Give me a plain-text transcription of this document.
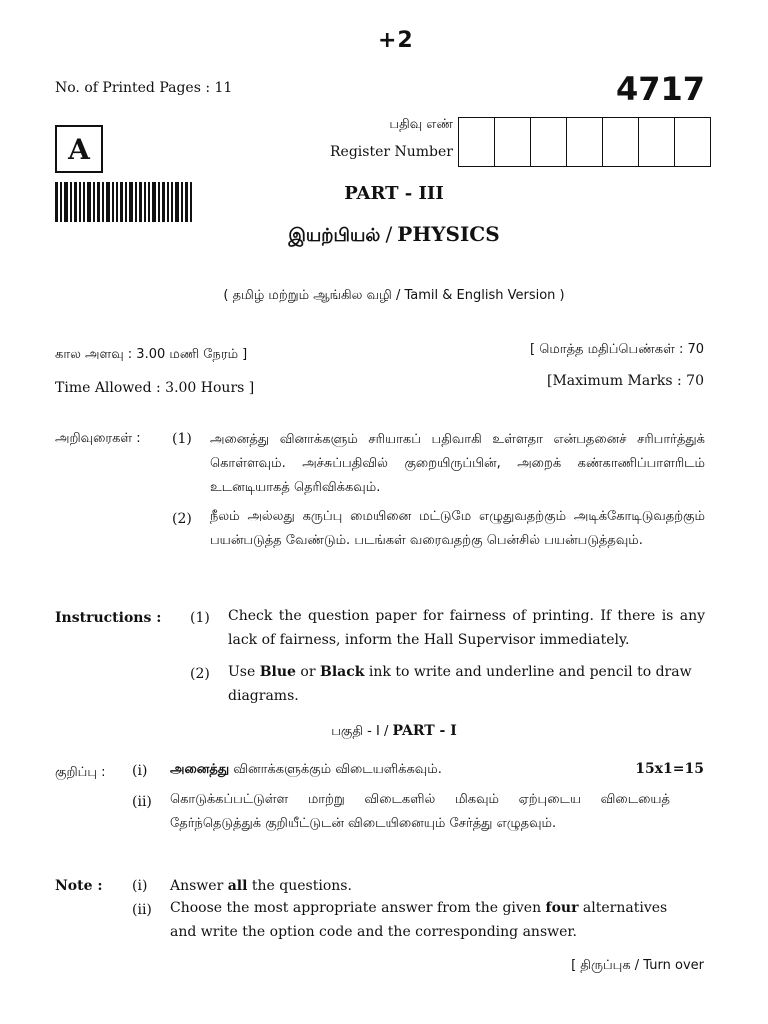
+2
No. of Printed Pages : 11	4717
A
பதிவு எண்
Register Number
PART - III
இயற்பியல் / PHYSICS
( தமிழ் மற்றும் ஆங்கில வழி / Tamil & English Version )
கால அளவு : 3.00 மணி நேரம் ]
Time Allowed : 3.00 Hours ]
[ மொத்த மதிப்பெண்கள் : 70
[Maximum Marks : 70
அறிவுரைகள் : (1) அனைத்து வினாக்களும் சரியாகப் பதிவாகி உள்ளதா என்பதனைச் சரிபார்த்துக் கொள்ளவும். அச்சுப்பதிவில் குறையிருப்பின், அறைக் கண்காணிப்பாளரிடம் உடனடியாகத் தெரிவிக்கவும்.
(2) நீலம் அல்லது கருப்பு மையினை மட்டுமே எழுதுவதற்கும் அடிக்கோடிடுவதற்கும் பயன்படுத்த வேண்டும். படங்கள் வரைவதற்கு பென்சில் பயன்படுத்தவும்.
Instructions : (1) Check the question paper for fairness of printing. If there is any lack of fairness, inform the Hall Supervisor immediately.
(2) Use Blue or Black ink to write and underline and pencil to draw diagrams.
பகுதி - I / PART - I
குறிப்பு : (i) அனைத்து வினாக்களுக்கும் விடையளிக்கவும்.	15x1=15
(ii) கொடுக்கப்பட்டுள்ள மாற்று விடைகளில் மிகவும் ஏற்புடைய விடையைத் தேர்ந்தெடுத்துக் குறியீட்டுடன் விடையினையும் சேர்த்து எழுதவும்.
Note : (i) Answer all the questions.
(ii) Choose the most appropriate answer from the given four alternatives and write the option code and the corresponding answer.
[ திருப்புக / Turn over
